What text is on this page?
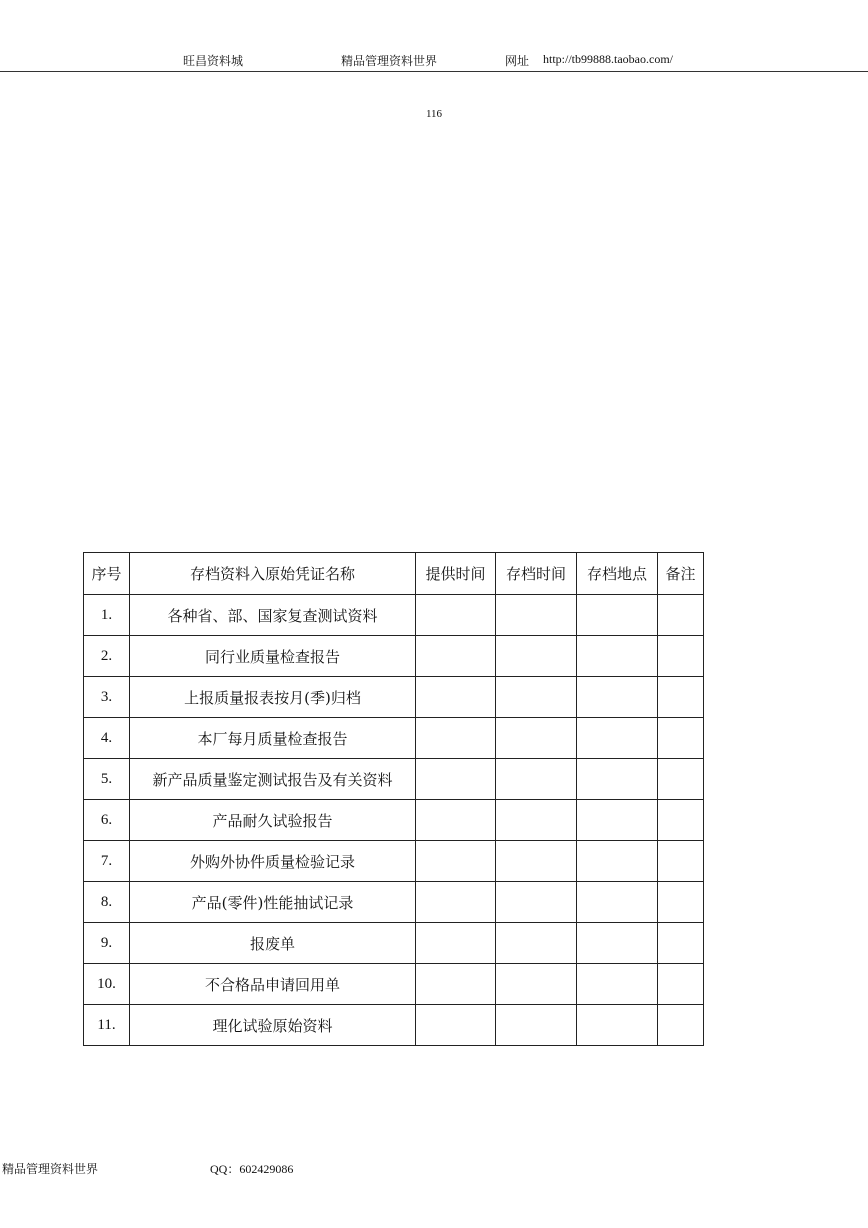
旺昌资料城	精品管理资料世界	网址 http://tb99888.taobao.com/
116
序号	存档资料入原始凭证名称	提供时间	存档时间	存档地点	备注
1.	各种省、部、国家复查测试资料				
2.	同行业质量检查报告				
3.	上报质量报表按月(季)归档				
4.	本厂每月质量检查报告				
5.	新产品质量鉴定测试报告及有关资料				
6.	产品耐久试验报告				
7.	外购外协件质量检验记录				
8.	产品(零件)性能抽试记录				
9.	报废单				
10.	不合格品申请回用单				
11.	理化试验原始资料				
精品管理资料世界	QQ：602429086
